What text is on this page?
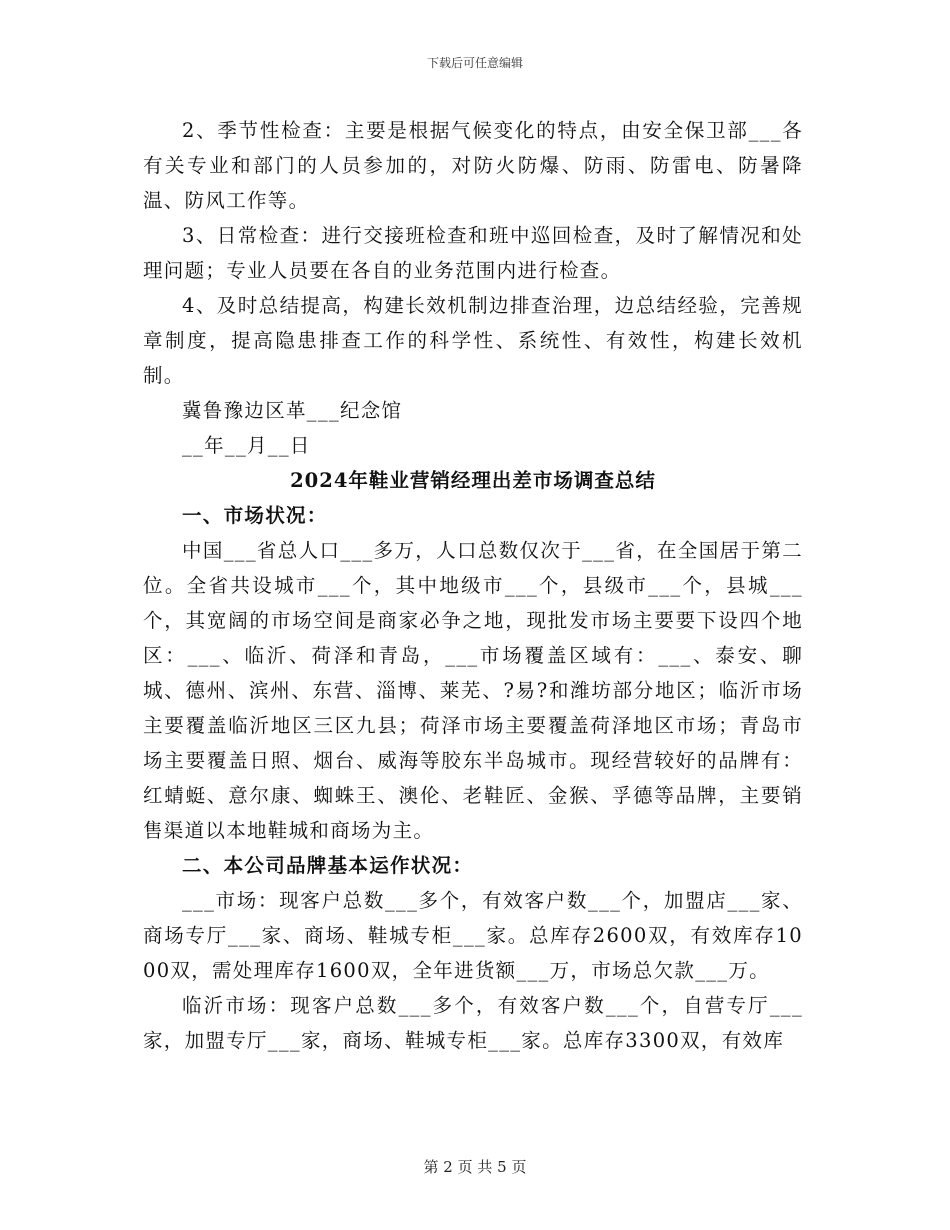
下载后可任意编辑

2、季节性检查：主要是根据气候变化的特点，由安全保卫部___各有关专业和部门的人员参加的，对防火防爆、防雨、防雷电、防暑降温、防风工作等。

3、日常检查：进行交接班检查和班中巡回检查，及时了解情况和处理问题；专业人员要在各自的业务范围内进行检查。

4、及时总结提高，构建长效机制边排查治理，边总结经验，完善规章制度，提高隐患排查工作的科学性、系统性、有效性，构建长效机制。

冀鲁豫边区革___纪念馆

__年__月__日

2024年鞋业营销经理出差市场调查总结

一、市场状况：

中国___省总人口___多万，人口总数仅次于___省，在全国居于第二位。全省共设城市___个，其中地级市___个，县级市___个，县城___个，其宽阔的市场空间是商家必争之地，现批发市场主要要下设四个地区：___、临沂、荷泽和青岛，___市场覆盖区域有：___、泰安、聊城、德州、滨州、东营、淄博、莱芜、?易?和潍坊部分地区；临沂市场主要覆盖临沂地区三区九县；荷泽市场主要覆盖荷泽地区市场；青岛市场主要覆盖日照、烟台、威海等胶东半岛城市。现经营较好的品牌有：红蜻蜓、意尔康、蜘蛛王、澳伦、老鞋匠、金猴、孚德等品牌，主要销售渠道以本地鞋城和商场为主。

二、本公司品牌基本运作状况：

___市场：现客户总数___多个，有效客户数___个，加盟店___家、商场专厅___家、商场、鞋城专柜___家。总库存2600双，有效库存1000双，需处理库存1600双，全年进货额___万，市场总欠款___万。

临沂市场：现客户总数___多个，有效客户数___个，自营专厅___家，加盟专厅___家，商场、鞋城专柜___家。总库存3300双，有效库

第 2 页 共 5 页
